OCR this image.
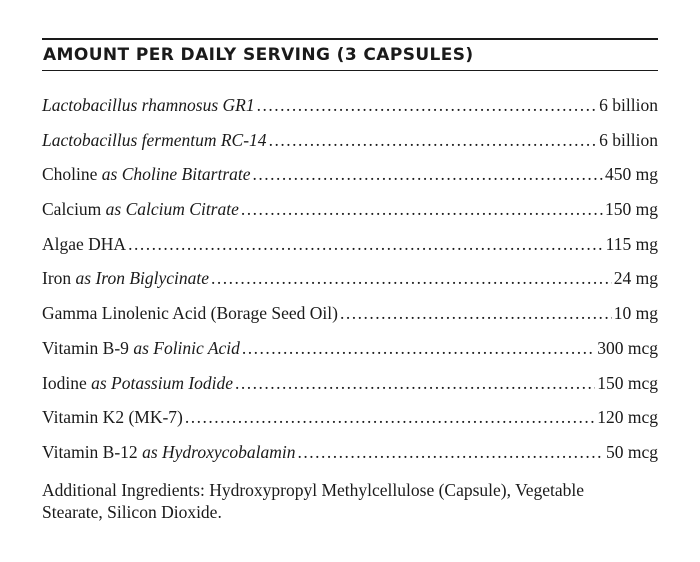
AMOUNT PER DAILY SERVING (3 CAPSULES)
Lactobacillus rhamnosus GR1 .....	6 billion
Lactobacillus fermentum RC-14 .....	6 billion
Choline as Choline Bitartrate .....	450 mg
Calcium as Calcium Citrate .....	150 mg
Algae DHA .....	115 mg
Iron as Iron Biglycinate .....	24 mg
Gamma Linolenic Acid (Borage Seed Oil) .....	10 mg
Vitamin B-9 as Folinic Acid .....	300 mcg
Iodine as Potassium Iodide .....	150 mcg
Vitamin K2 (MK-7) .....	120 mcg
Vitamin B-12 as Hydroxycobalamin .....	50 mcg
Additional Ingredients: Hydroxypropyl Methylcellulose (Capsule), Vegetable Stearate, Silicon Dioxide.
